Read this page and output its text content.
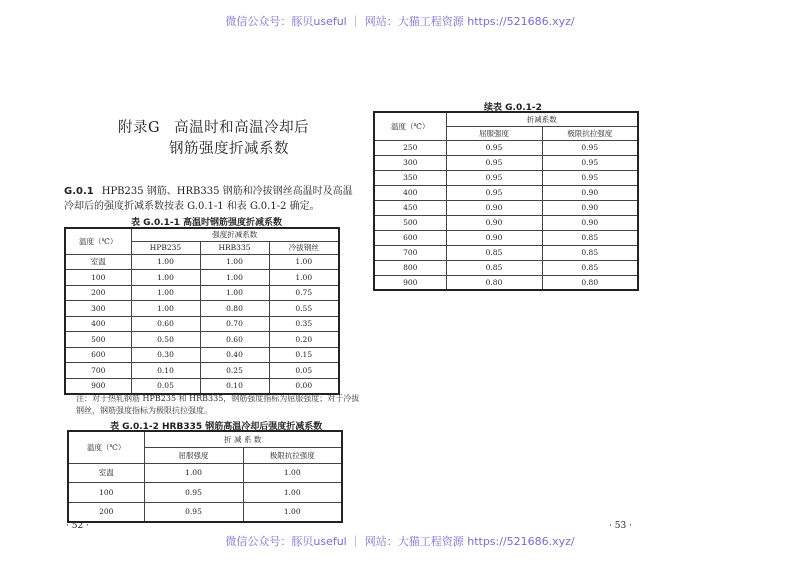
微信公众号：豚贝useful ｜ 网站：大猫工程资源 https://521686.xyz/
附录G 高温时和高温冷却后
钢筋强度折减系数
G.0.1 HPB235 钢筋、HRB335 钢筋和冷拔钢丝高温时及高温冷却后的强度折减系数按表 G.0.1-1 和表 G.0.1-2 确定。
表 G.0.1-1 高温时钢筋强度折减系数
温度（℃）	强度折减系数		
	HPB235	HRB335	冷拔钢丝
室温	1.00	1.00	1.00
100	1.00	1.00	1.00
200	1.00	1.00	0.75
300	1.00	0.80	0.55
400	0.60	0.70	0.35
500	0.50	0.60	0.20
600	0.30	0.40	0.15
700	0.10	0.25	0.05
900	0.05	0.10	0.00
注：对于热轧钢筋 HPB235 和 HRB335，钢筋强度指标为屈服强度；对于冷拔钢丝，钢筋强度指标为极限抗拉强度。
表 G.0.1-2 HRB335 钢筋高温冷却后强度折减系数
温度（℃）	折 减 系 数	
	屈服强度	极限抗拉强度
室温	1.00	1.00
100	0.95	1.00
200	0.95	1.00
· 52 ·
续表 G.0.1-2
温度（℃）	折减系数	
	屈服强度	极限抗拉强度
250	0.95	0.95
300	0.95	0.95
350	0.95	0.95
400	0.95	0.90
450	0.90	0.90
500	0.90	0.90
600	0.90	0.85
700	0.85	0.85
800	0.85	0.85
900	0.80	0.80
· 53 ·
微信公众号：豚贝useful ｜ 网站：大猫工程资源 https://521686.xyz/
